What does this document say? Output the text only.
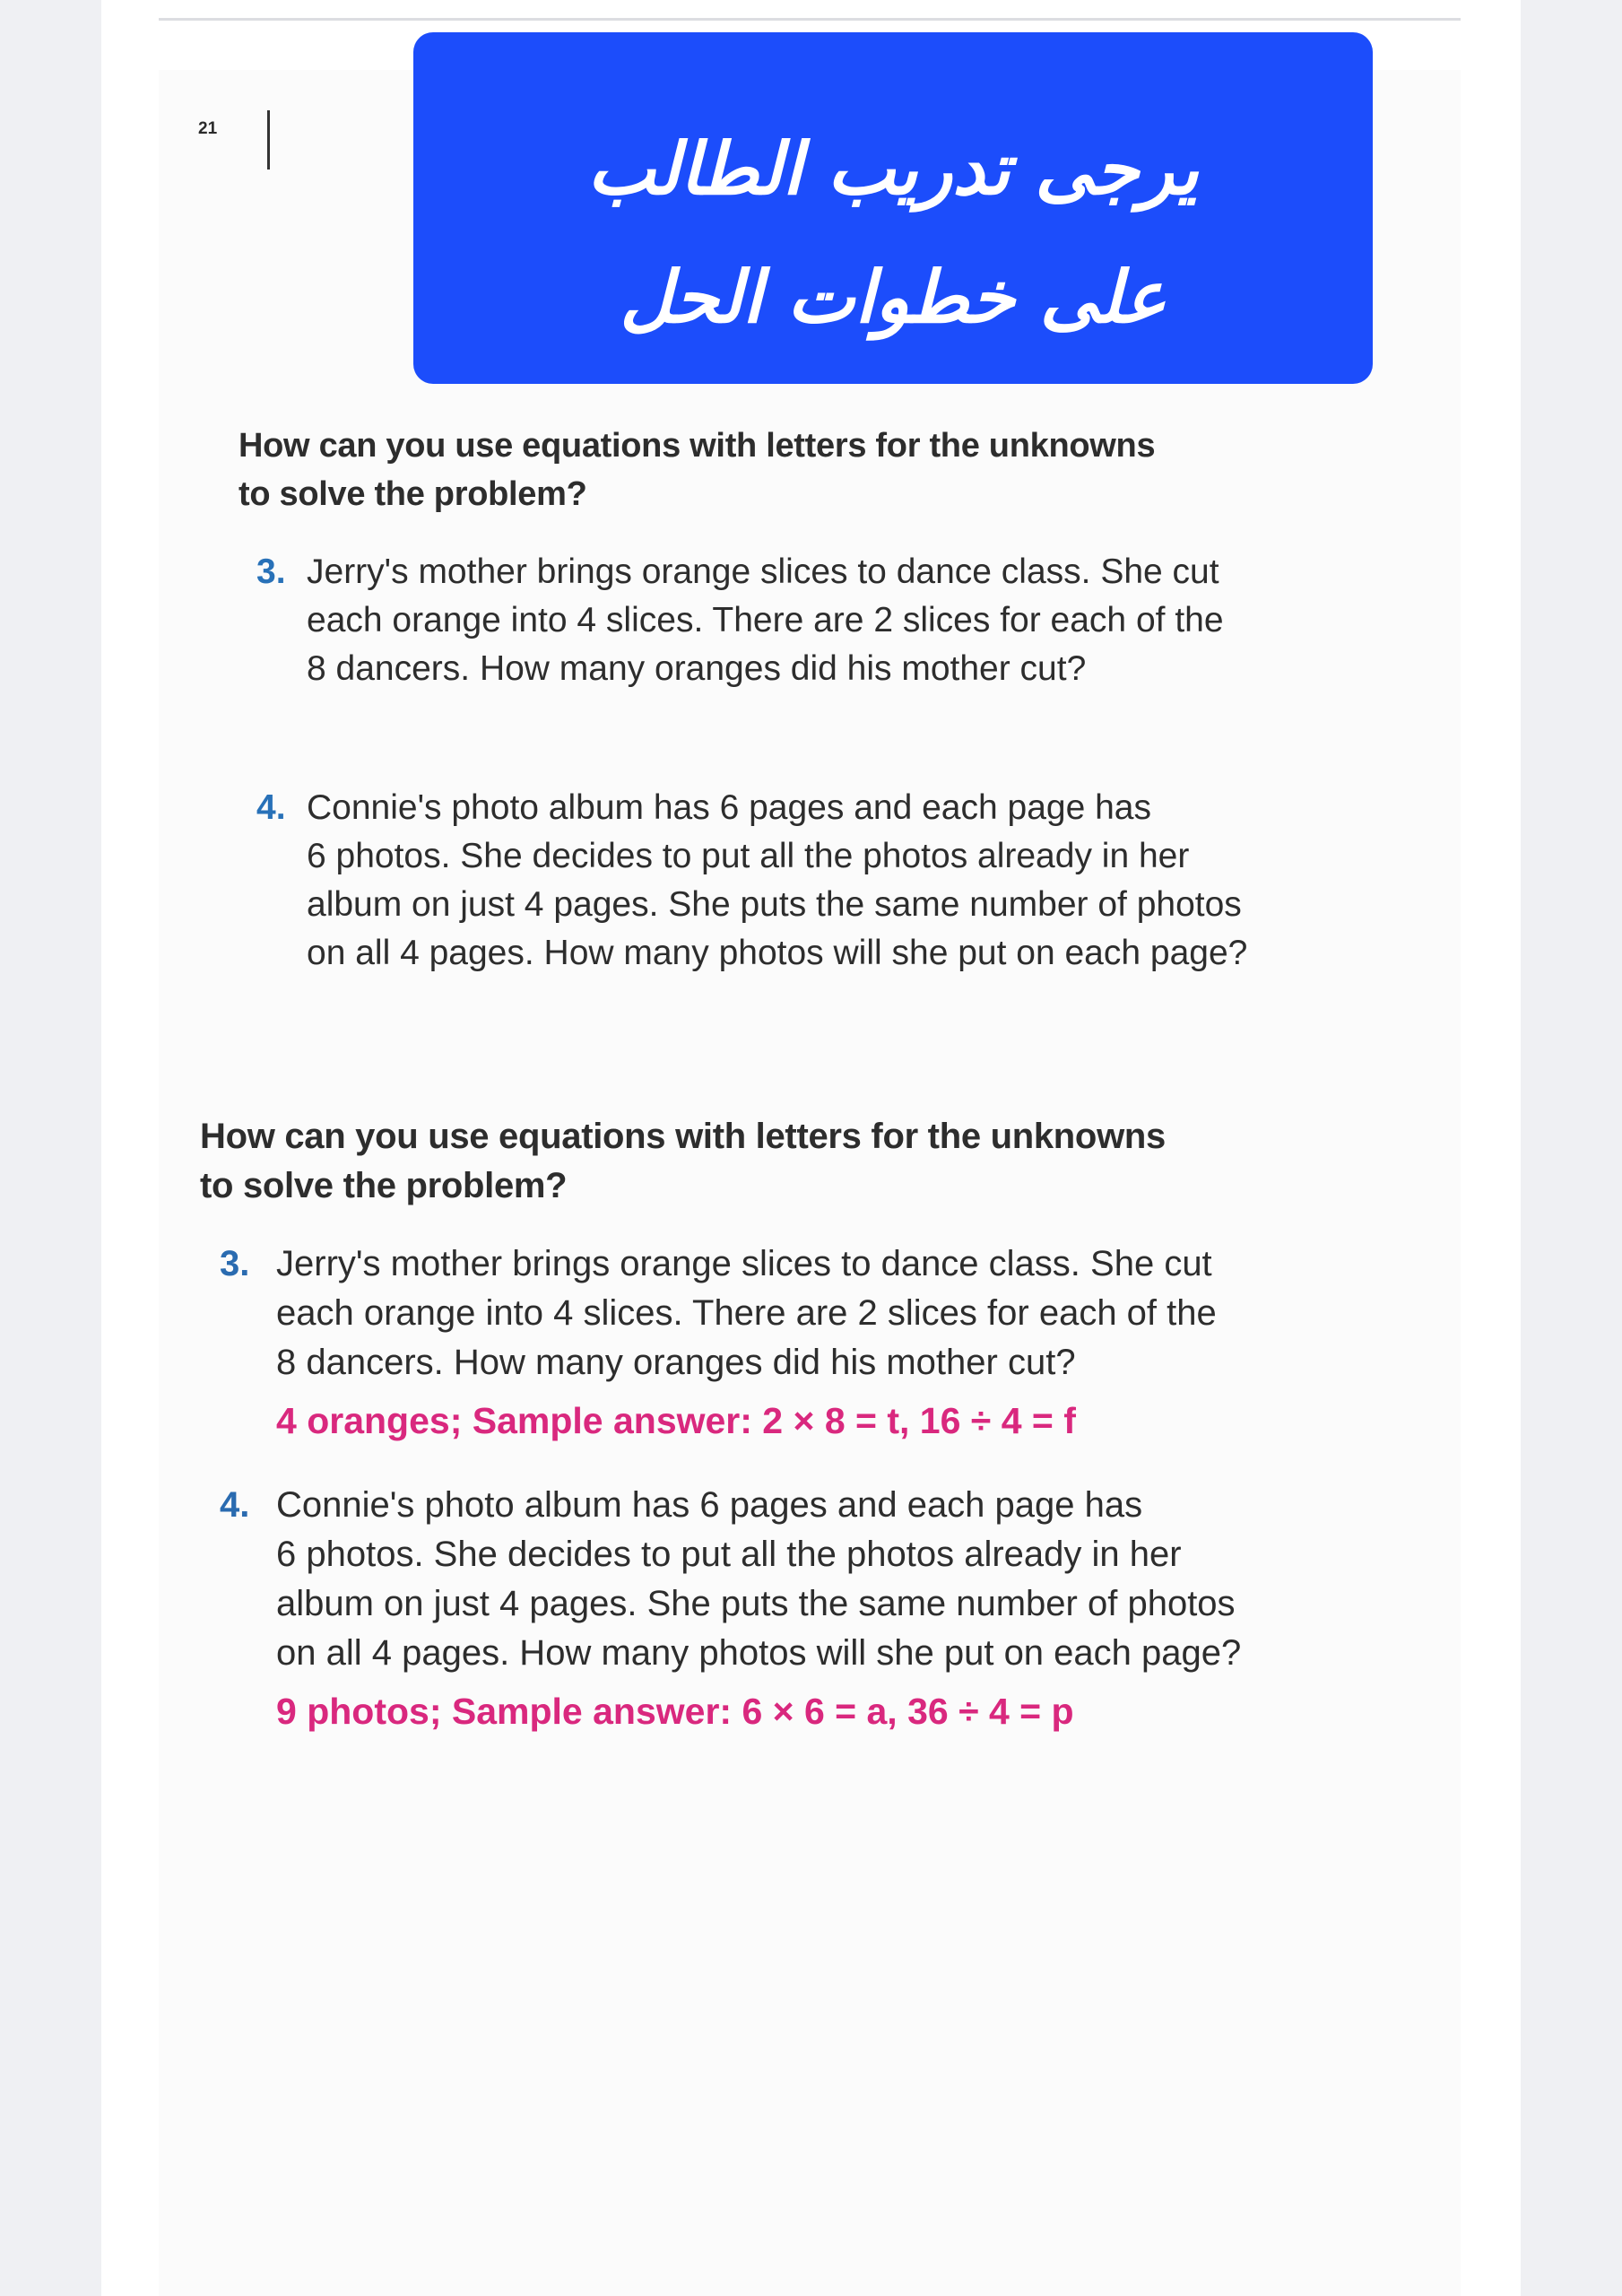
21	يرجى تدريب الطالب
على خطوات الحل
How can you use equations with letters for the unknowns
to solve the problem?
3. Jerry's mother brings orange slices to dance class. She cut
each orange into 4 slices. There are 2 slices for each of the
8 dancers. How many oranges did his mother cut?
4. Connie's photo album has 6 pages and each page has
6 photos. She decides to put all the photos already in her
album on just 4 pages. She puts the same number of photos
on all 4 pages. How many photos will she put on each page?
How can you use equations with letters for the unknowns
to solve the problem?
3. Jerry's mother brings orange slices to dance class. She cut
each orange into 4 slices. There are 2 slices for each of the
8 dancers. How many oranges did his mother cut?
4 oranges; Sample answer: 2 × 8 = t, 16 ÷ 4 = f
4. Connie's photo album has 6 pages and each page has
6 photos. She decides to put all the photos already in her
album on just 4 pages. She puts the same number of photos
on all 4 pages. How many photos will she put on each page?
9 photos; Sample answer: 6 × 6 = a, 36 ÷ 4 = p
